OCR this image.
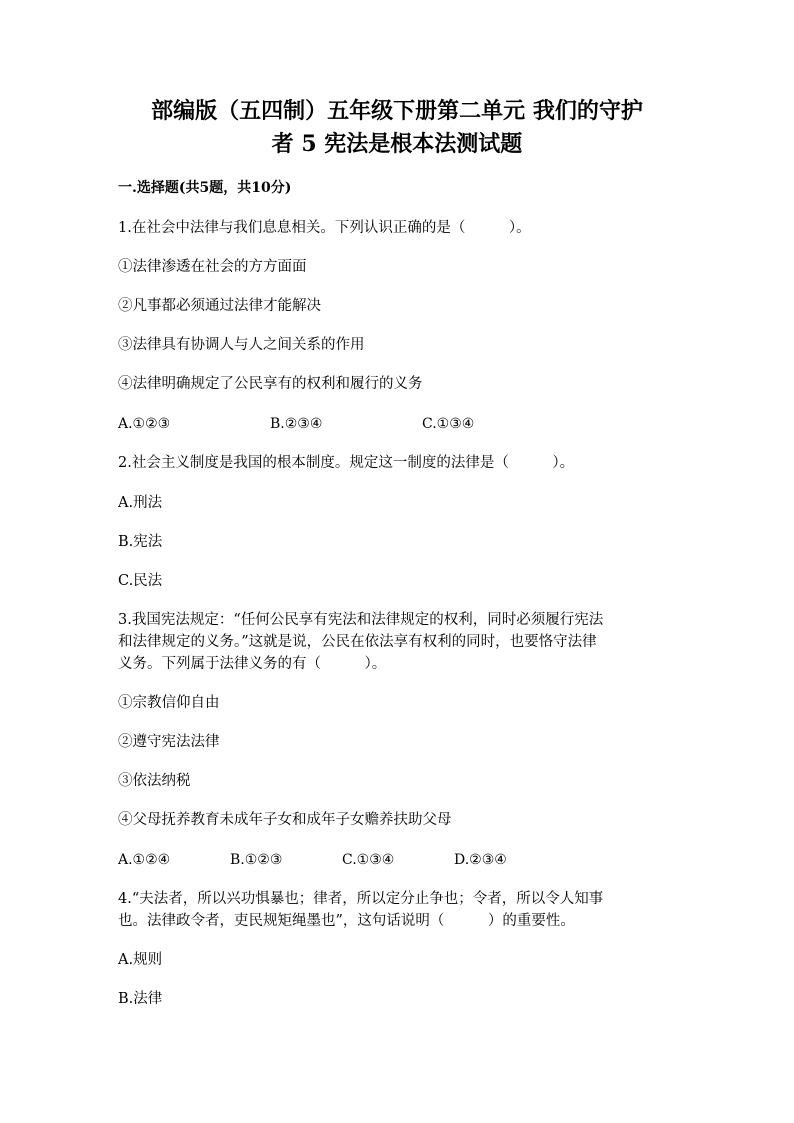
部编版（五四制）五年级下册第二单元 我们的守护
者 5 宪法是根本法测试题
一.选择题(共5题，共10分)
1.在社会中法律与我们息息相关。下列认识正确的是（　　　）。
①法律渗透在社会的方方面面
②凡事都必须通过法律才能解决
③法律具有协调人与人之间关系的作用
④法律明确规定了公民享有的权利和履行的义务
A.①②③	B.②③④	C.①③④
2.社会主义制度是我国的根本制度。规定这一制度的法律是（　　　）。
A.刑法
B.宪法
C.民法
3.我国宪法规定：“任何公民享有宪法和法律规定的权利，同时必须履行宪法
和法律规定的义务。”这就是说，公民在依法享有权利的同时，也要恪守法律
义务。下列属于法律义务的有（　　　）。
①宗教信仰自由
②遵守宪法法律
③依法纳税
④父母抚养教育未成年子女和成年子女赡养扶助父母
A.①②④	B.①②③	C.①③④	D.②③④
4.“夫法者，所以兴功惧暴也；律者，所以定分止争也；令者，所以令人知事
也。法律政令者，吏民规矩绳墨也”，这句话说明（　　　）的重要性。
A.规则
B.法律
